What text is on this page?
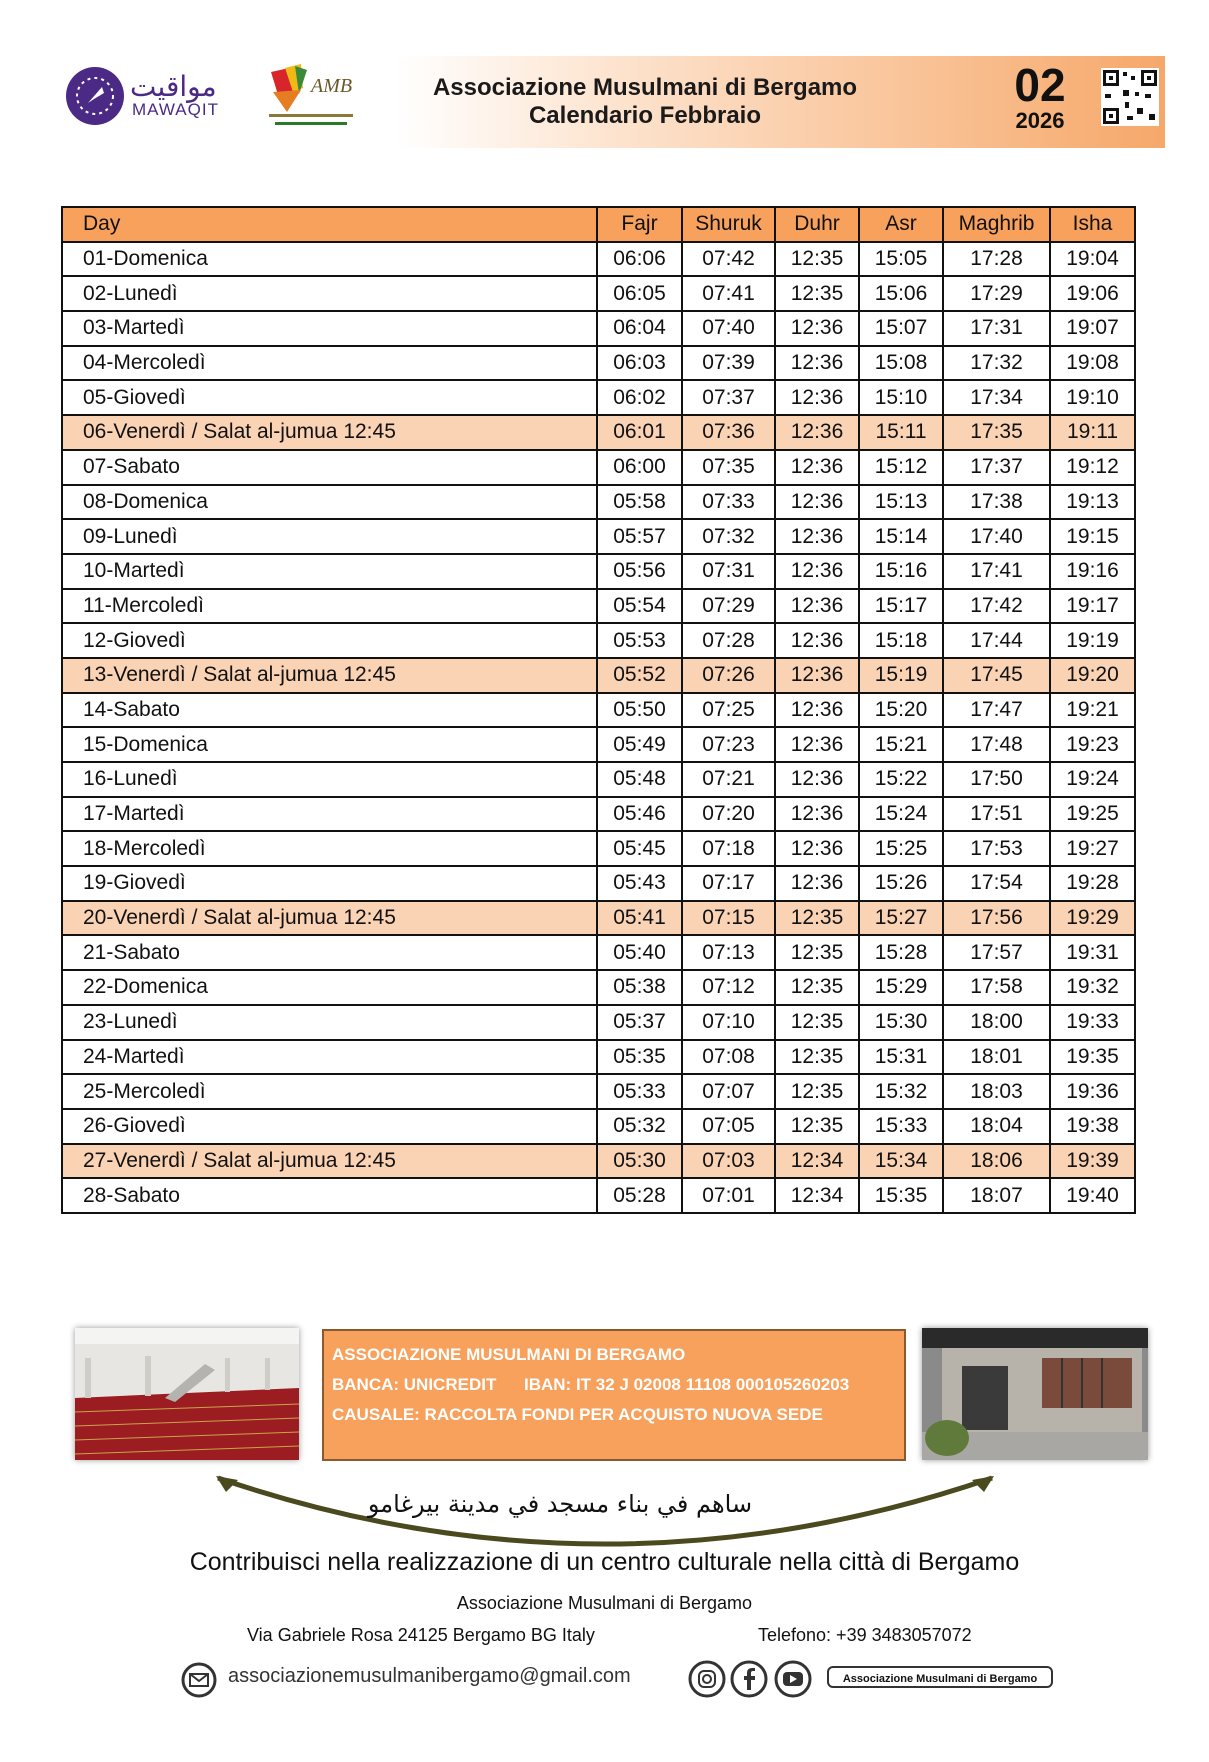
مواقيت
MAWAQIT
AMB	Associazione Musulmani di Bergamo
Calendario Febbraio
02
2026
Day	Fajr	Shuruk	Duhr	Asr	Maghrib	Isha
01-Domenica	06:06	07:42	12:35	15:05	17:28	19:04
02-Lunedì	06:05	07:41	12:35	15:06	17:29	19:06
03-Martedì	06:04	07:40	12:36	15:07	17:31	19:07
04-Mercoledì	06:03	07:39	12:36	15:08	17:32	19:08
05-Giovedì	06:02	07:37	12:36	15:10	17:34	19:10
06-Venerdì / Salat al-jumua 12:45	06:01	07:36	12:36	15:11	17:35	19:11
07-Sabato	06:00	07:35	12:36	15:12	17:37	19:12
08-Domenica	05:58	07:33	12:36	15:13	17:38	19:13
09-Lunedì	05:57	07:32	12:36	15:14	17:40	19:15
10-Martedì	05:56	07:31	12:36	15:16	17:41	19:16
11-Mercoledì	05:54	07:29	12:36	15:17	17:42	19:17
12-Giovedì	05:53	07:28	12:36	15:18	17:44	19:19
13-Venerdì / Salat al-jumua 12:45	05:52	07:26	12:36	15:19	17:45	19:20
14-Sabato	05:50	07:25	12:36	15:20	17:47	19:21
15-Domenica	05:49	07:23	12:36	15:21	17:48	19:23
16-Lunedì	05:48	07:21	12:36	15:22	17:50	19:24
17-Martedì	05:46	07:20	12:36	15:24	17:51	19:25
18-Mercoledì	05:45	07:18	12:36	15:25	17:53	19:27
19-Giovedì	05:43	07:17	12:36	15:26	17:54	19:28
20-Venerdì / Salat al-jumua 12:45	05:41	07:15	12:35	15:27	17:56	19:29
21-Sabato	05:40	07:13	12:35	15:28	17:57	19:31
22-Domenica	05:38	07:12	12:35	15:29	17:58	19:32
23-Lunedì	05:37	07:10	12:35	15:30	18:00	19:33
24-Martedì	05:35	07:08	12:35	15:31	18:01	19:35
25-Mercoledì	05:33	07:07	12:35	15:32	18:03	19:36
26-Giovedì	05:32	07:05	12:35	15:33	18:04	19:38
27-Venerdì / Salat al-jumua 12:45	05:30	07:03	12:34	15:34	18:06	19:39
28-Sabato	05:28	07:01	12:34	15:35	18:07	19:40
ASSOCIAZIONE MUSULMANI DI BERGAMO
BANCA: UNICREDIT IBAN: IT 32 J 02008 11108 000105260203
CAUSALE: RACCOLTA FONDI PER ACQUISTO NUOVA SEDE
ساهم في بناء مسجد في مدينة بيرغامو
Contribuisci nella realizzazione di un centro culturale nella città di Bergamo
Associazione Musulmani di Bergamo
Via Gabriele Rosa 24125 Bergamo BG Italy	Telefono: +39 3483057072
associazionemusulmanibergamo@gmail.com	Associazione Musulmani di Bergamo
